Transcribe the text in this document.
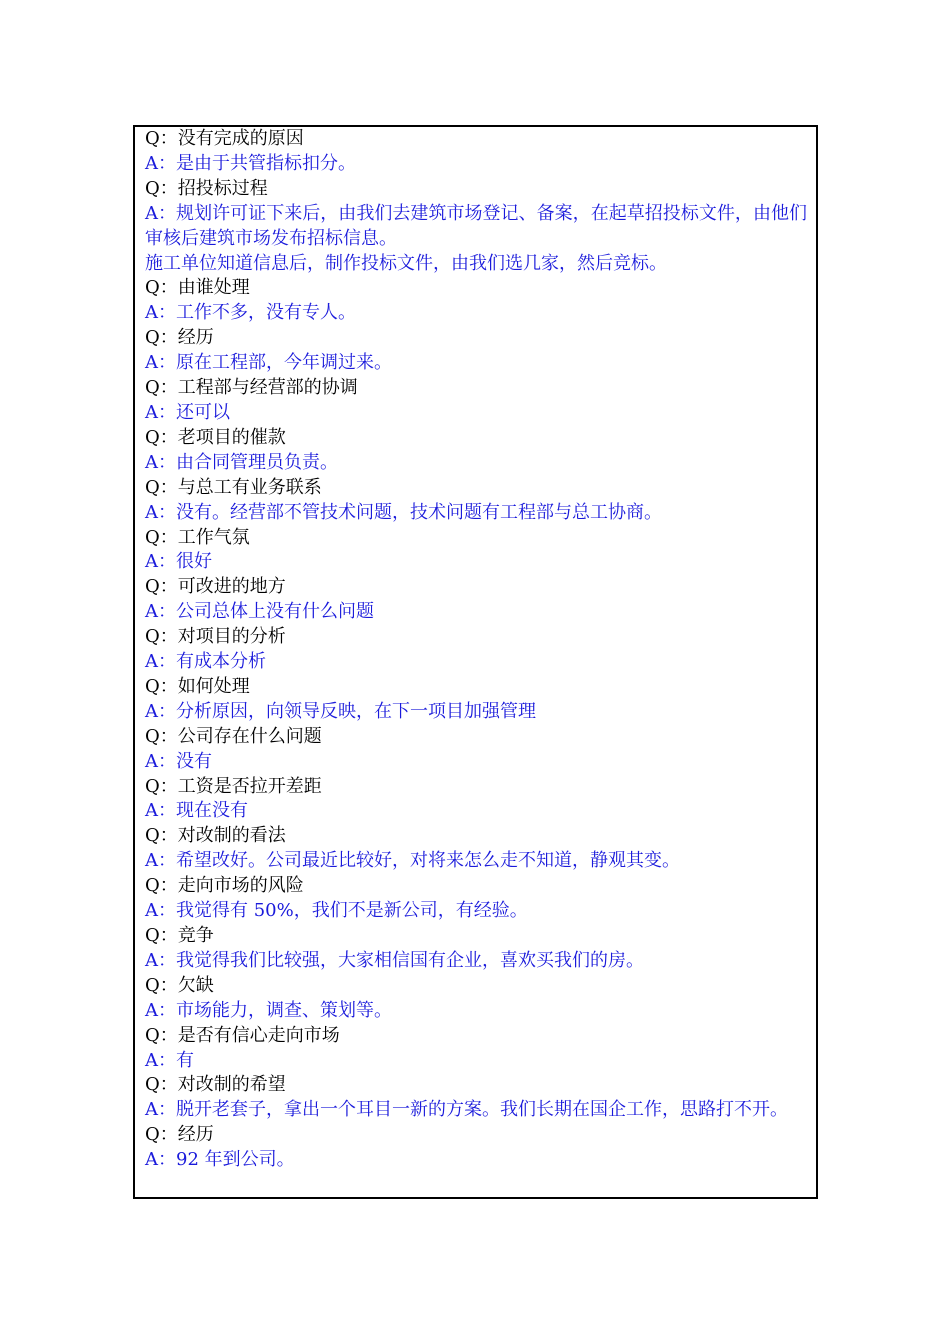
Q：没有完成的原因

A：是由于共管指标扣分。

Q：招投标过程

A：规划许可证下来后，由我们去建筑市场登记、备案，在起草招投标文件，由他们审核后建筑市场发布招标信息。

施工单位知道信息后，制作投标文件，由我们选几家，然后竞标。

Q：由谁处理

A：工作不多，没有专人。

Q：经历

A：原在工程部，今年调过来。

Q：工程部与经营部的协调

A：还可以

Q：老项目的催款

A：由合同管理员负责。

Q：与总工有业务联系

A：没有。经营部不管技术问题，技术问题有工程部与总工协商。

Q：工作气氛

A：很好

Q：可改进的地方

A：公司总体上没有什么问题

Q：对项目的分析

A：有成本分析

Q：如何处理

A：分析原因，向领导反映，在下一项目加强管理

Q：公司存在什么问题

A：没有

Q：工资是否拉开差距

A：现在没有

Q：对改制的看法

A：希望改好。公司最近比较好，对将来怎么走不知道，静观其变。

Q：走向市场的风险

A：我觉得有 50%，我们不是新公司，有经验。

Q：竞争

A：我觉得我们比较强，大家相信国有企业，喜欢买我们的房。

Q：欠缺

A：市场能力，调查、策划等。

Q：是否有信心走向市场

A：有

Q：对改制的希望

A：脱开老套子，拿出一个耳目一新的方案。我们长期在国企工作，思路打不开。

Q：经历

A：92 年到公司。
